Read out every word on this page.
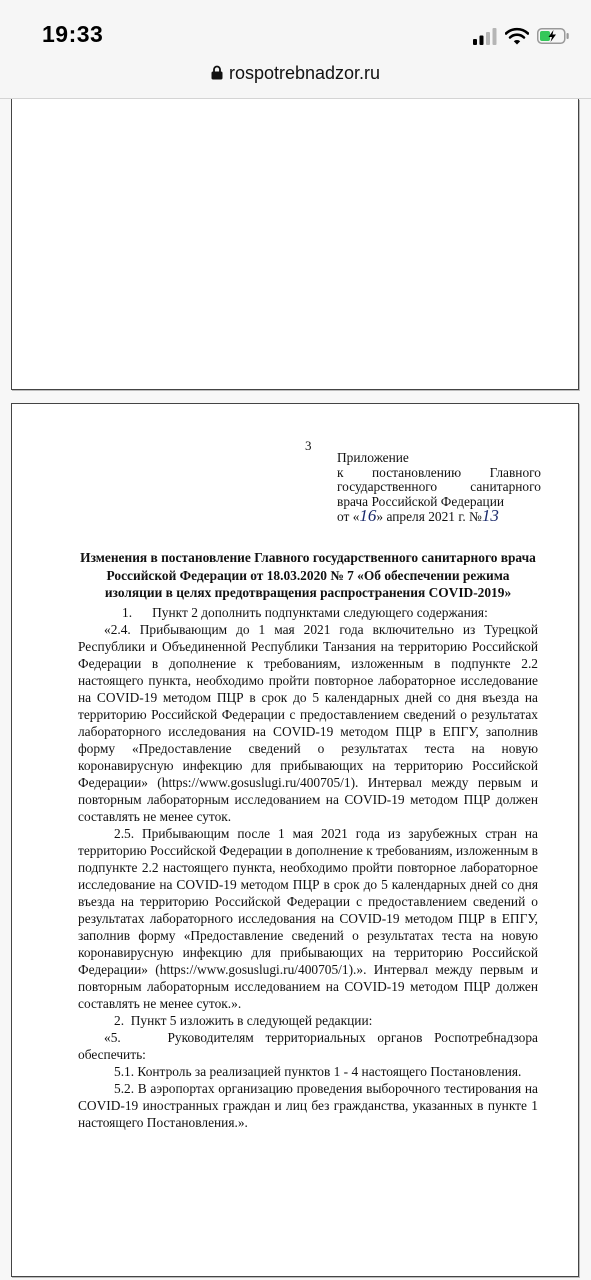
19:33
rospotrebnadzor.ru
3
Приложение
к постановлению Главного государственного санитарного врача Российской Федерации
от «16» апреля 2021 г. №13
Изменения в постановление Главного государственного санитарного врача Российской Федерации от 18.03.2020 № 7 «Об обеспечении режима изоляции в целях предотвращения распространения COVID-2019»

1.      Пункт 2 дополнить подпунктами следующего содержания:

«2.4. Прибывающим до 1 мая 2021 года включительно из Турецкой Республики и Объединенной Республики Танзания на территорию Российской Федерации в дополнение к требованиям, изложенным в подпункте 2.2 настоящего пункта, необходимо пройти повторное лабораторное исследование на COVID-19 методом ПЦР в срок до 5 календарных дней со дня въезда на территорию Российской Федерации с предоставлением сведений о результатах лабораторного исследования на COVID-19 методом ПЦР в ЕПГУ, заполнив форму «Предоставление сведений о результатах теста на новую коронавирусную инфекцию для прибывающих на территорию Российской Федерации» (https://www.gosuslugi.ru/400705/1). Интервал между первым и повторным лабораторным исследованием на COVID-19 методом ПЦР должен составлять не менее суток.

2.5. Прибывающим после 1 мая 2021 года из зарубежных стран на территорию Российской Федерации в дополнение к требованиям, изложенным в подпункте 2.2 настоящего пункта, необходимо пройти повторное лабораторное исследование на COVID-19 методом ПЦР в срок до 5 календарных дней со дня въезда на территорию Российской Федерации с предоставлением сведений о результатах лабораторного исследования на COVID-19 методом ПЦР в ЕПГУ, заполнив форму «Предоставление сведений о результатах теста на новую коронавирусную инфекцию для прибывающих на территорию Российской Федерации» (https://www.gosuslugi.ru/400705/1).». Интервал между первым и повторным лабораторным исследованием на COVID-19 методом ПЦР должен составлять не менее суток.».

2.  Пункт 5 изложить в следующей редакции:

«5.    Руководителям территориальных органов Роспотребнадзора обеспечить:

5.1. Контроль за реализацией пунктов 1 - 4 настоящего Постановления.

5.2. В аэропортах организацию проведения выборочного тестирования на COVID-19 иностранных граждан и лиц без гражданства, указанных в пункте 1 настоящего Постановления.».
